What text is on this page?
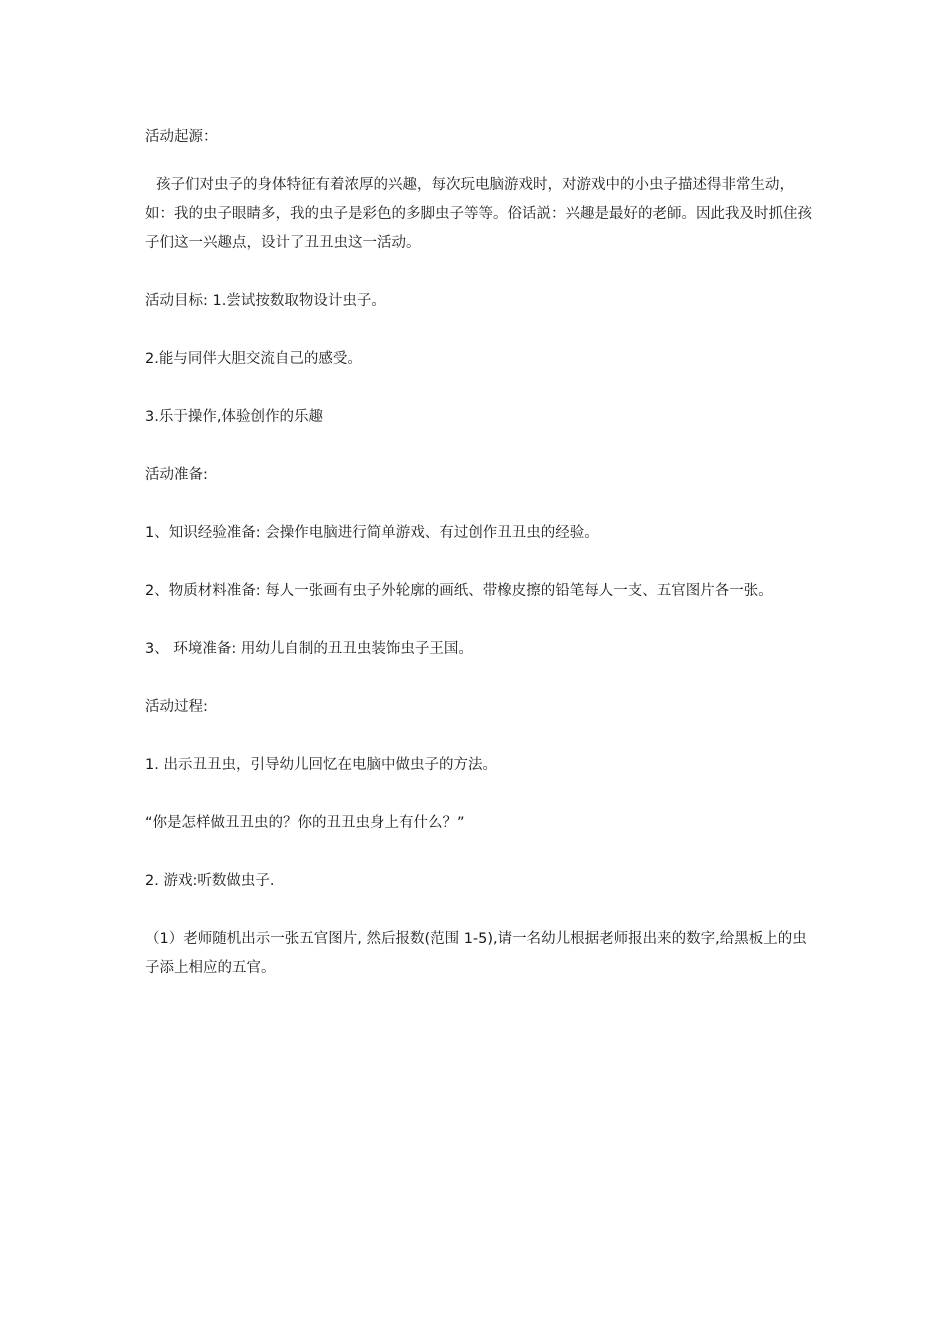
活动起源：

孩子们对虫子的身体特征有着浓厚的兴趣，每次玩电脑游戏时，对游戏中的小虫子描述得非常生动，如：我的虫子眼睛多，我的虫子是彩色的多脚虫子等等。俗话説：兴趣是最好的老師。因此我及时抓住孩子们这一兴趣点，设计了丑丑虫这一活动。

活动目标: 1.尝试按数取物设计虫子。

2.能与同伴大胆交流自己的感受。

3.乐于操作,体验创作的乐趣

活动准备:

1、知识经验准备: 会操作电脑进行简单游戏、有过创作丑丑虫的经验。

2、物质材料准备: 每人一张画有虫子外轮廓的画纸、带橡皮擦的铅笔每人一支、五官图片各一张。

3、 环境准备: 用幼儿自制的丑丑虫装饰虫子王国。

活动过程:

1. 出示丑丑虫，引导幼儿回忆在电脑中做虫子的方法。

“你是怎样做丑丑虫的？你的丑丑虫身上有什么？”

2. 游戏:听数做虫子.

（1）老师随机出示一张五官图片, 然后报数(范围 1-5),请一名幼儿根据老师报出来的数字,给黑板上的虫子添上相应的五官。
